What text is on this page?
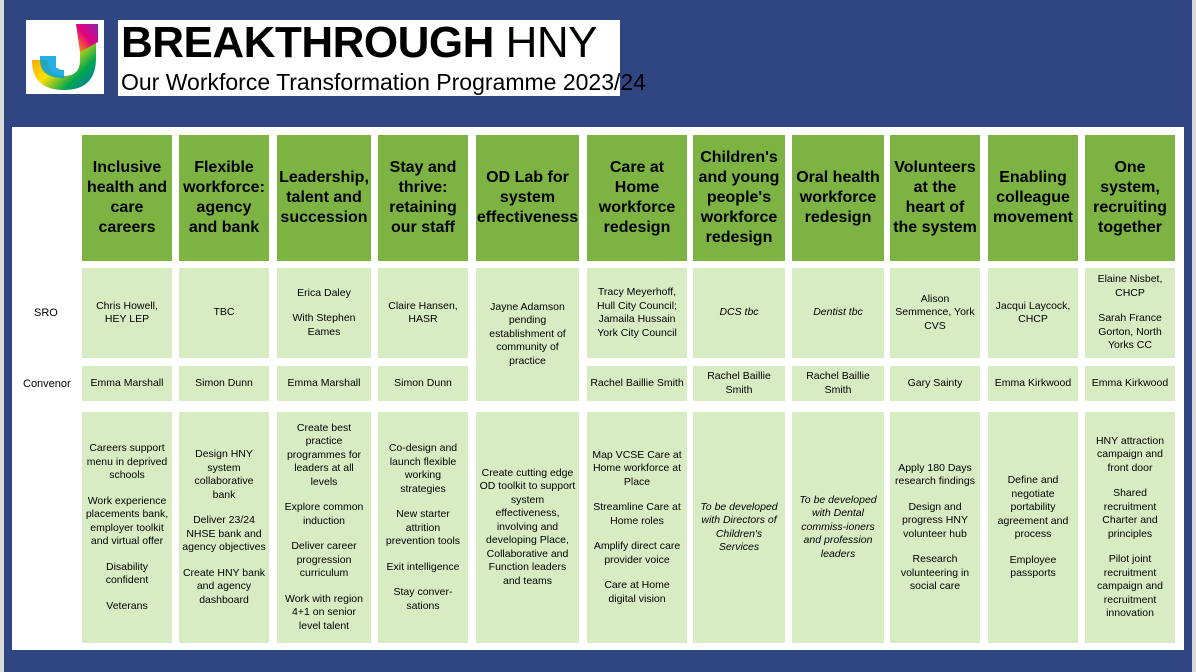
BREAKTHROUGH HNY
Our Workforce Transformation Programme 2023/24
SRO
Convenor
Inclusive health and care careers

Chris Howell, HEY LEP

Emma Marshall

Careers support menu in deprived schools

Work experience placements bank, employer toolkit and virtual offer

Disability confident

Veterans

Flexible workforce: agency and bank

TBC

Simon Dunn

Design HNY system collaborative bank

Deliver 23/24 NHSE bank and agency objectives

Create HNY bank and agency dashboard

Leadership, talent and succession

Erica Daley

With Stephen Eames

Emma Marshall

Create best practice programmes for leaders at all levels

Explore common induction

Deliver career progression curriculum

Work with region 4+1 on senior level talent

Stay and thrive: retaining our staff

Claire Hansen, HASR

Simon Dunn

Co-design and launch flexible working strategies

New starter attrition prevention tools

Exit intelligence

Stay conver-sations

OD Lab for system effectiveness

Jayne Adamson pending establishment of community of practice

Create cutting edge OD toolkit to support system effectiveness, involving and developing Place, Collaborative and Function leaders and teams

Care at Home workforce redesign

Tracy Meyerhoff, Hull City Council; Jamaila Hussain York City Council

Rachel Baillie Smith

Map VCSE Care at Home workforce at Place

Streamline Care at Home roles

Amplify direct care provider voice

Care at Home digital vision

Children's and young people's workforce redesign

DCS tbc

Rachel Baillie Smith

To be developed with Directors of Children's Services

Oral health workforce redesign

Dentist tbc

Rachel Baillie Smith

To be developed with Dental commiss-ioners and profession leaders

Volunteers at the heart of the system

Alison Semmence, York CVS

Gary Sainty

Apply 180 Days research findings

Design and progress HNY volunteer hub

Research volunteering in social care

Enabling colleague movement

Jacqui Laycock, CHCP

Emma Kirkwood

Define and negotiate portability agreement and process

Employee passports

One system, recruiting together

Elaine Nisbet, CHCP

Sarah France Gorton, North Yorks CC

Emma Kirkwood

HNY attraction campaign and front door

Shared recruitment Charter and principles

Pilot joint recruitment campaign and recruitment innovation
